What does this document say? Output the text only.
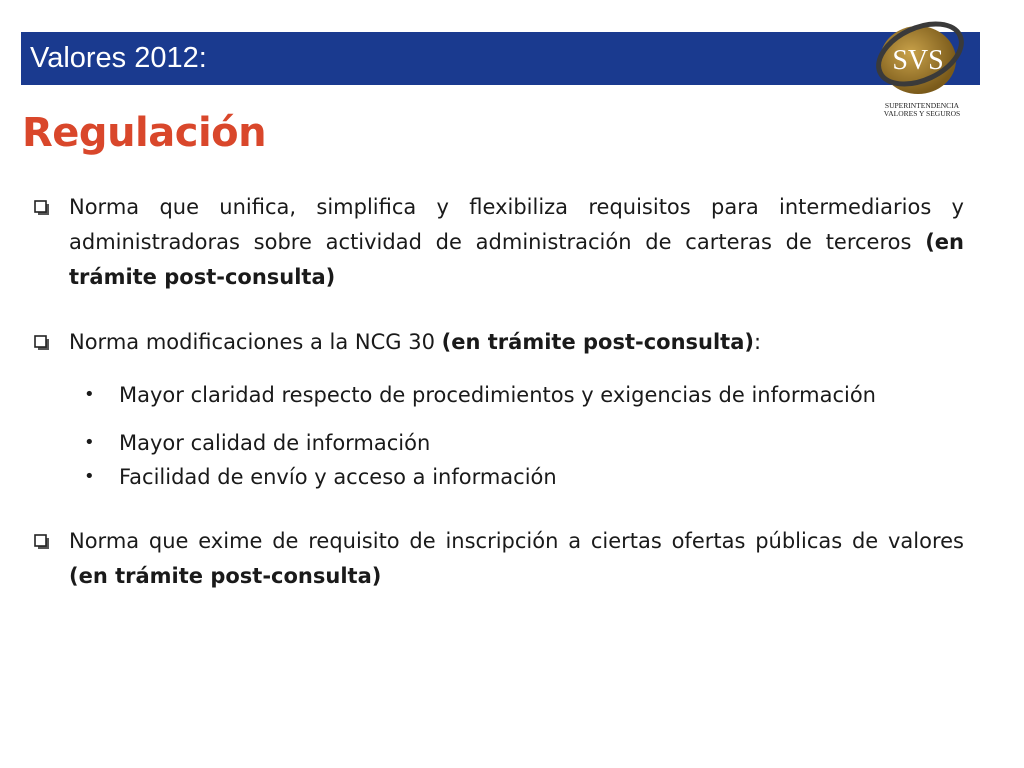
Valores 2012:	SVS
SUPERINTENDENCIA
VALORES Y SEGUROS
Regulación
Norma que unifica, simplifica y flexibiliza requisitos para intermediarios y administradoras sobre actividad de administración de carteras de terceros (en trámite post-consulta)
Norma modificaciones a la NCG 30 (en trámite post-consulta):
• Mayor claridad respecto de procedimientos y exigencias de información
• Mayor calidad de información
• Facilidad de envío y acceso a información
Norma que exime de requisito de inscripción a ciertas ofertas públicas de valores (en trámite post-consulta)
